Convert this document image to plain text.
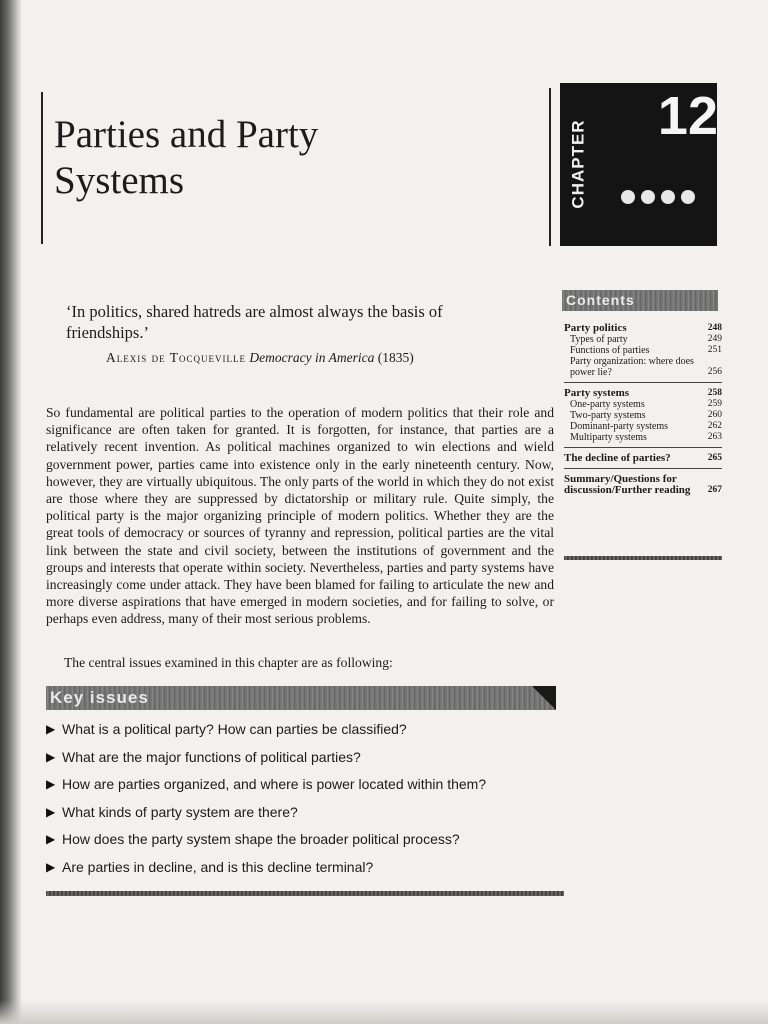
Parties and Party
Systems	CHAPTER
12

‘In politics, shared hatreds are almost always the basis of friendships.’

Alexis de Tocqueville Democracy in America (1835)

So fundamental are political parties to the operation of modern politics that their role and significance are often taken for granted. It is forgotten, for instance, that parties are a relatively recent invention. As political machines organized to win elections and wield government power, parties came into existence only in the early nineteenth century. Now, however, they are virtually ubiquitous. The only parts of the world in which they do not exist are those where they are suppressed by dictatorship or military rule. Quite simply, the political party is the major organizing principle of modern politics. Whether they are the great tools of democracy or sources of tyranny and repression, political parties are the vital link between the state and civil society, between the institutions of government and the groups and interests that operate within society. Nevertheless, parties and party systems have increasingly come under attack. They have been blamed for failing to articulate the new and more diverse aspirations that have emerged in modern societies, and for failing to solve, or perhaps even address, many of their most serious problems.

The central issues examined in this chapter are as following:

Key issues
▶ What is a political party? How can parties be classified?
▶ What are the major functions of political parties?
▶ How are parties organized, and where is power located within them?
▶ What kinds of party system are there?
▶ How does the party system shape the broader political process?
▶ Are parties in decline, and is this decline terminal?
Contents
Party politics	248
Types of party	249
Functions of parties	251
Party organization: where does power lie?	256
Party systems	258
One-party systems	259
Two-party systems	260
Dominant-party systems	262
Multiparty systems	263
The decline of parties?	265
Summary/Questions for discussion/Further reading	267
